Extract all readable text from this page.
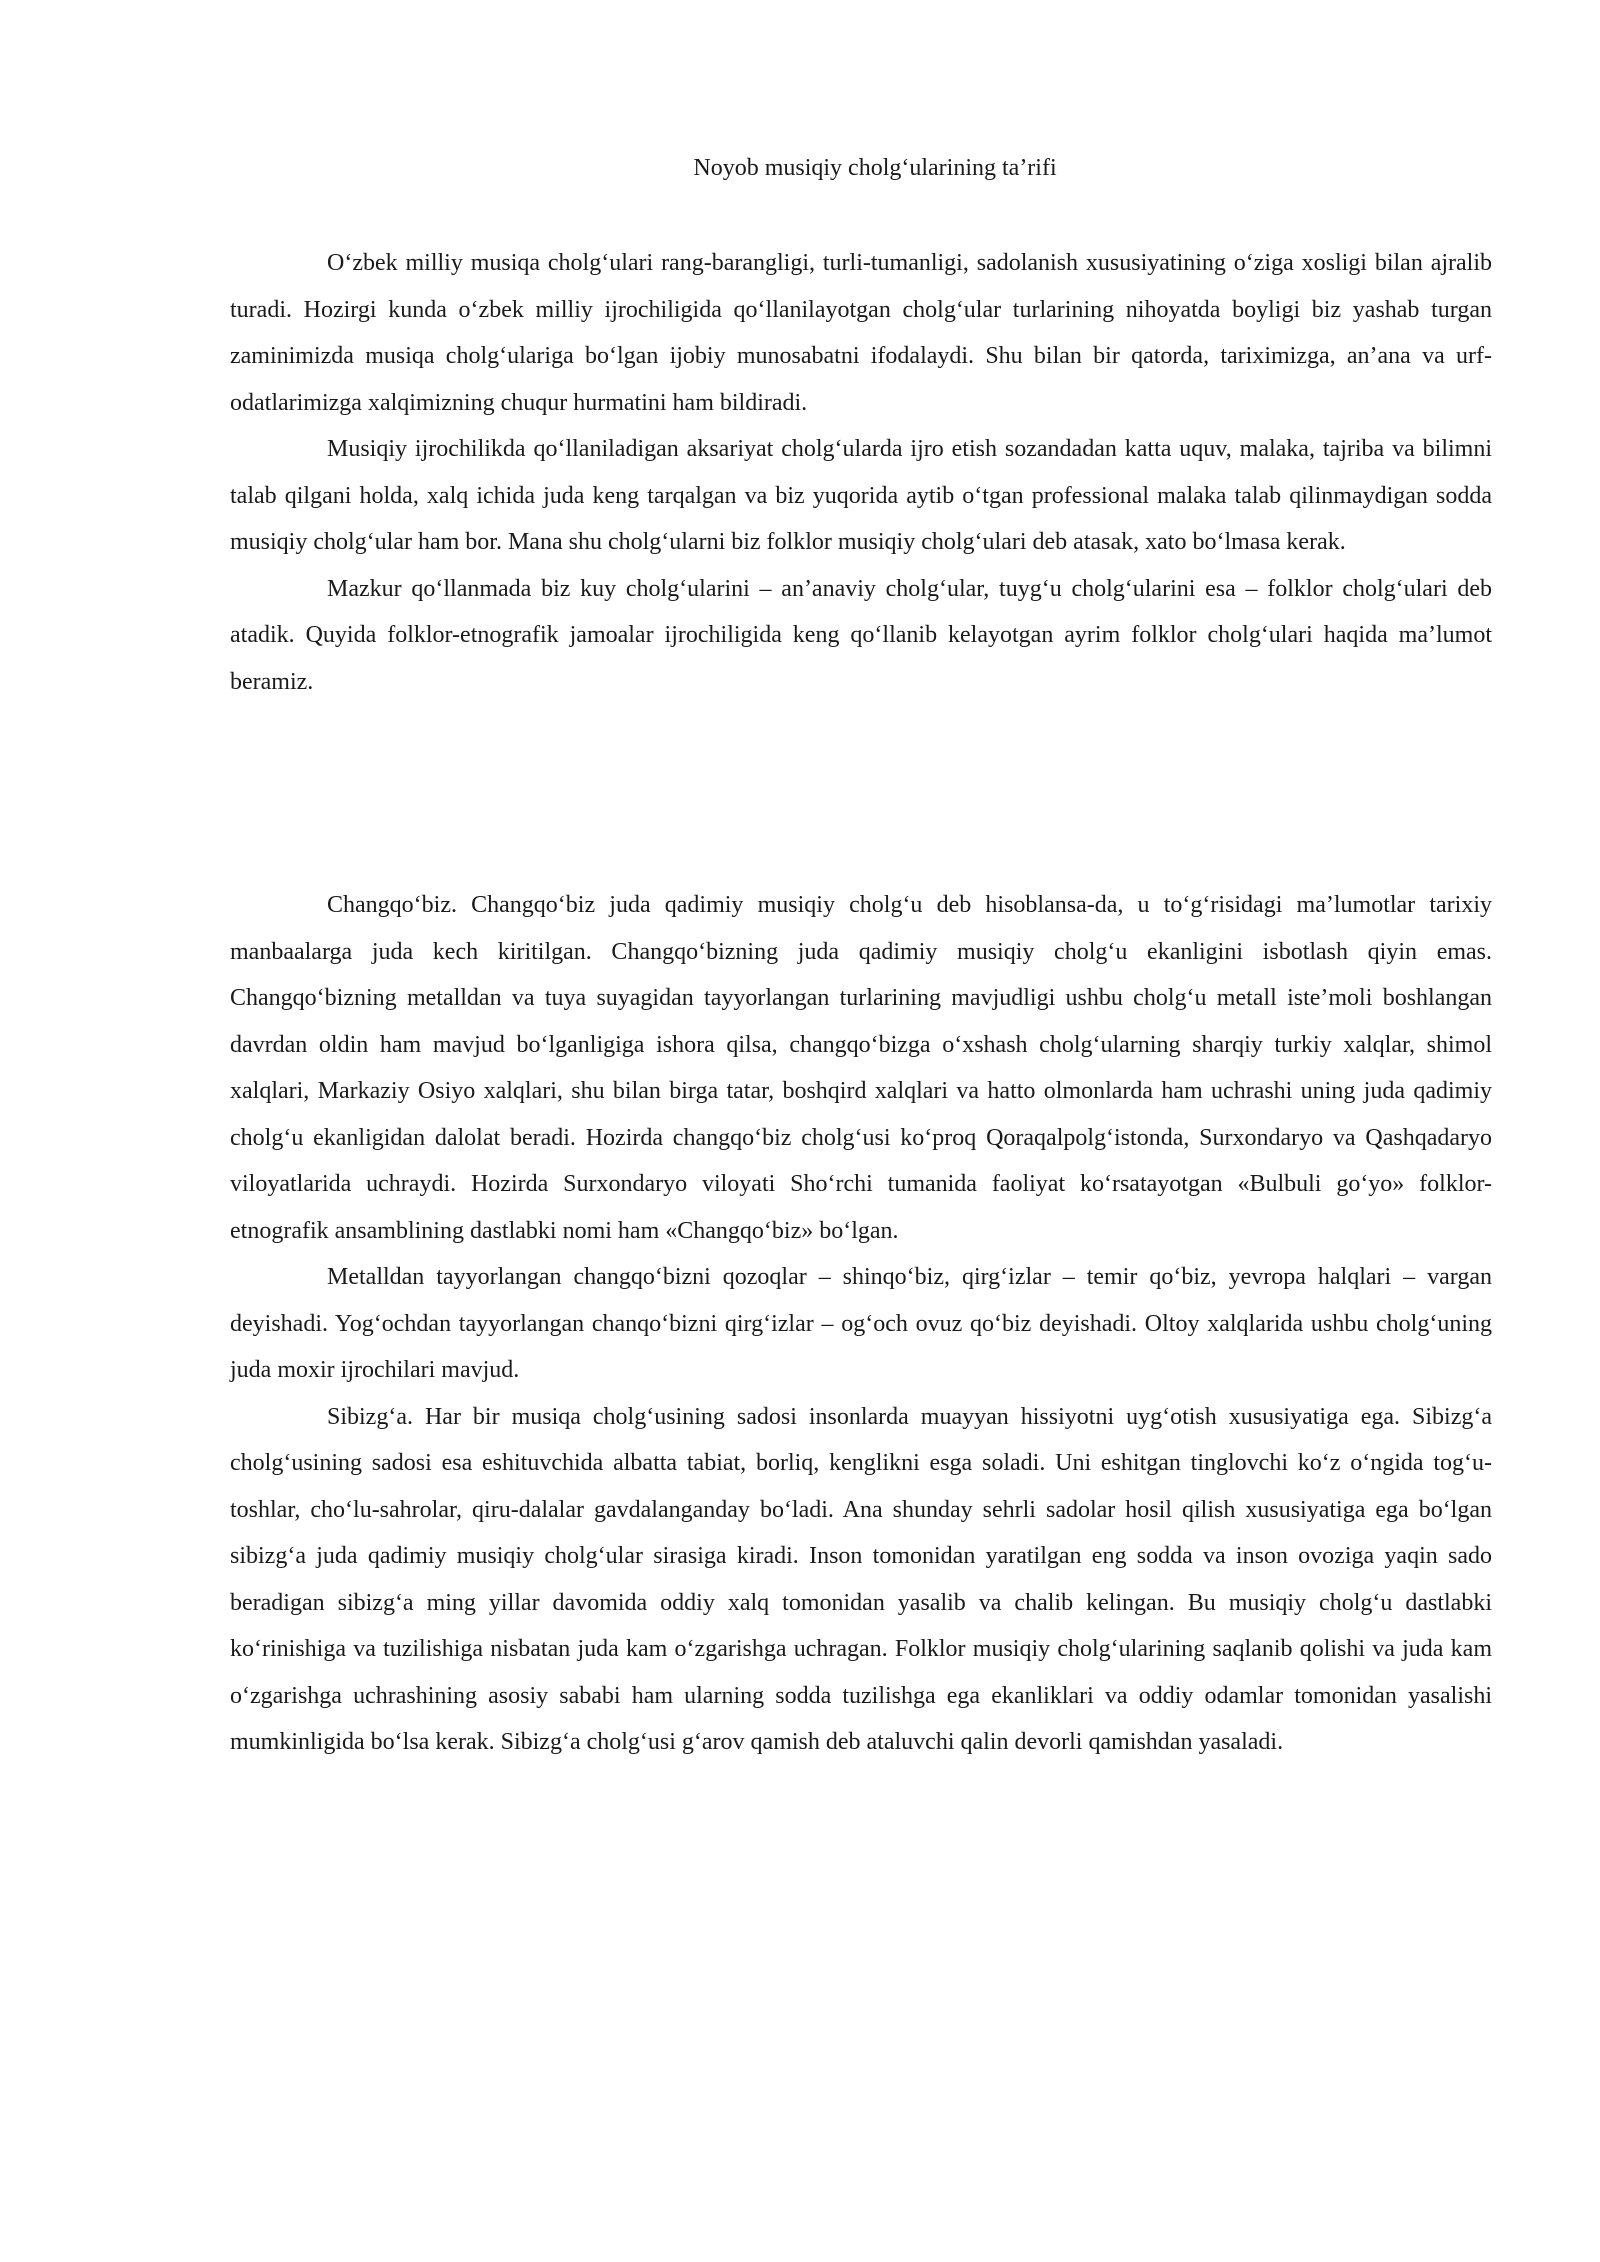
Noyob musiqiy cholg‘ularining ta’rifi

O‘zbek milliy musiqa cholg‘ulari rang-barangligi, turli-tumanligi, sadolanish xususiyatining o‘ziga xosligi bilan ajralib turadi. Hozirgi kunda o‘zbek milliy ijrochiligida qo‘llanilayotgan cholg‘ular turlarining nihoyatda boyligi biz yashab turgan zaminimizda musiqa cholg‘ulariga bo‘lgan ijobiy munosabatni ifodalaydi. Shu bilan bir qatorda, tariximizga, an’ana va urf-odatlarimizga xalqimizning chuqur hurmatini ham bildiradi.

Musiqiy ijrochilikda qo‘llaniladigan aksariyat cholg‘ularda ijro etish sozandadan katta uquv, malaka, tajriba va bilimni talab qilgani holda, xalq ichida juda keng tarqalgan va biz yuqorida aytib o‘tgan professional malaka talab qilinmaydigan sodda musiqiy cholg‘ular ham bor. Mana shu cholg‘ularni biz folklor musiqiy cholg‘ulari deb atasak, xato bo‘lmasa kerak.

Mazkur qo‘llanmada biz kuy cholg‘ularini – an’anaviy cholg‘ular, tuyg‘u cholg‘ularini esa – folklor cholg‘ulari deb atadik. Quyida folklor-etnografik jamoalar ijrochiligida keng qo‘llanib kelayotgan ayrim folklor cholg‘ulari haqida ma’lumot beramiz.

Changqo‘biz. Changqo‘biz juda qadimiy musiqiy cholg‘u deb hisoblansa-da, u to‘g‘risidagi ma’lumotlar tarixiy manbaalarga juda kech kiritilgan. Changqo‘bizning juda qadimiy musiqiy cholg‘u ekanligini isbotlash qiyin emas. Changqo‘bizning metalldan va tuya suyagidan tayyorlangan turlarining mavjudligi ushbu cholg‘u metall iste’moli boshlangan davrdan oldin ham mavjud bo‘lganligiga ishora qilsa, changqo‘bizga o‘xshash cholg‘ularning sharqiy turkiy xalqlar, shimol xalqlari, Markaziy Osiyo xalqlari, shu bilan birga tatar, boshqird xalqlari va hatto olmonlarda ham uchrashi uning juda qadimiy cholg‘u ekanligidan dalolat beradi. Hozirda changqo‘biz cholg‘usi ko‘proq Qoraqalpolg‘istonda, Surxondaryo va Qashqadaryo viloyatlarida uchraydi. Hozirda Surxondaryo viloyati Sho‘rchi tumanida faoliyat ko‘rsatayotgan «Bulbuli go‘yo» folklor-etnografik ansamblining dastlabki nomi ham «Changqo‘biz» bo‘lgan.

Metalldan tayyorlangan changqo‘bizni qozoqlar – shinqo‘biz, qirg‘izlar – temir qo‘biz, yevropa halqlari – vargan deyishadi. Yog‘ochdan tayyorlangan chanqo‘bizni qirg‘izlar – og‘och ovuz qo‘biz deyishadi. Oltoy xalqlarida ushbu cholg‘uning juda moxir ijrochilari mavjud.

Sibizg‘a. Har bir musiqa cholg‘usining sadosi insonlarda muayyan hissiyotni uyg‘otish xususiyatiga ega. Sibizg‘a cholg‘usining sadosi esa eshituvchida albatta tabiat, borliq, kenglikni esga soladi. Uni eshitgan tinglovchi ko‘z o‘ngida tog‘u-toshlar, cho‘lu-sahrolar, qiru-dalalar gavdalanganday bo‘ladi. Ana shunday sehrli sadolar hosil qilish xususiyatiga ega bo‘lgan sibizg‘a juda qadimiy musiqiy cholg‘ular sirasiga kiradi. Inson tomonidan yaratilgan eng sodda va inson ovoziga yaqin sado beradigan sibizg‘a ming yillar davomida oddiy xalq tomonidan yasalib va chalib kelingan. Bu musiqiy cholg‘u dastlabki ko‘rinishiga va tuzilishiga nisbatan juda kam o‘zgarishga uchragan. Folklor musiqiy cholg‘ularining saqlanib qolishi va juda kam o‘zgarishga uchrashining asosiy sababi ham ularning sodda tuzilishga ega ekanliklari va oddiy odamlar tomonidan yasalishi mumkinligida bo‘lsa kerak. Sibizg‘a cholg‘usi g‘arov qamish deb ataluvchi qalin devorli qamishdan yasaladi.
